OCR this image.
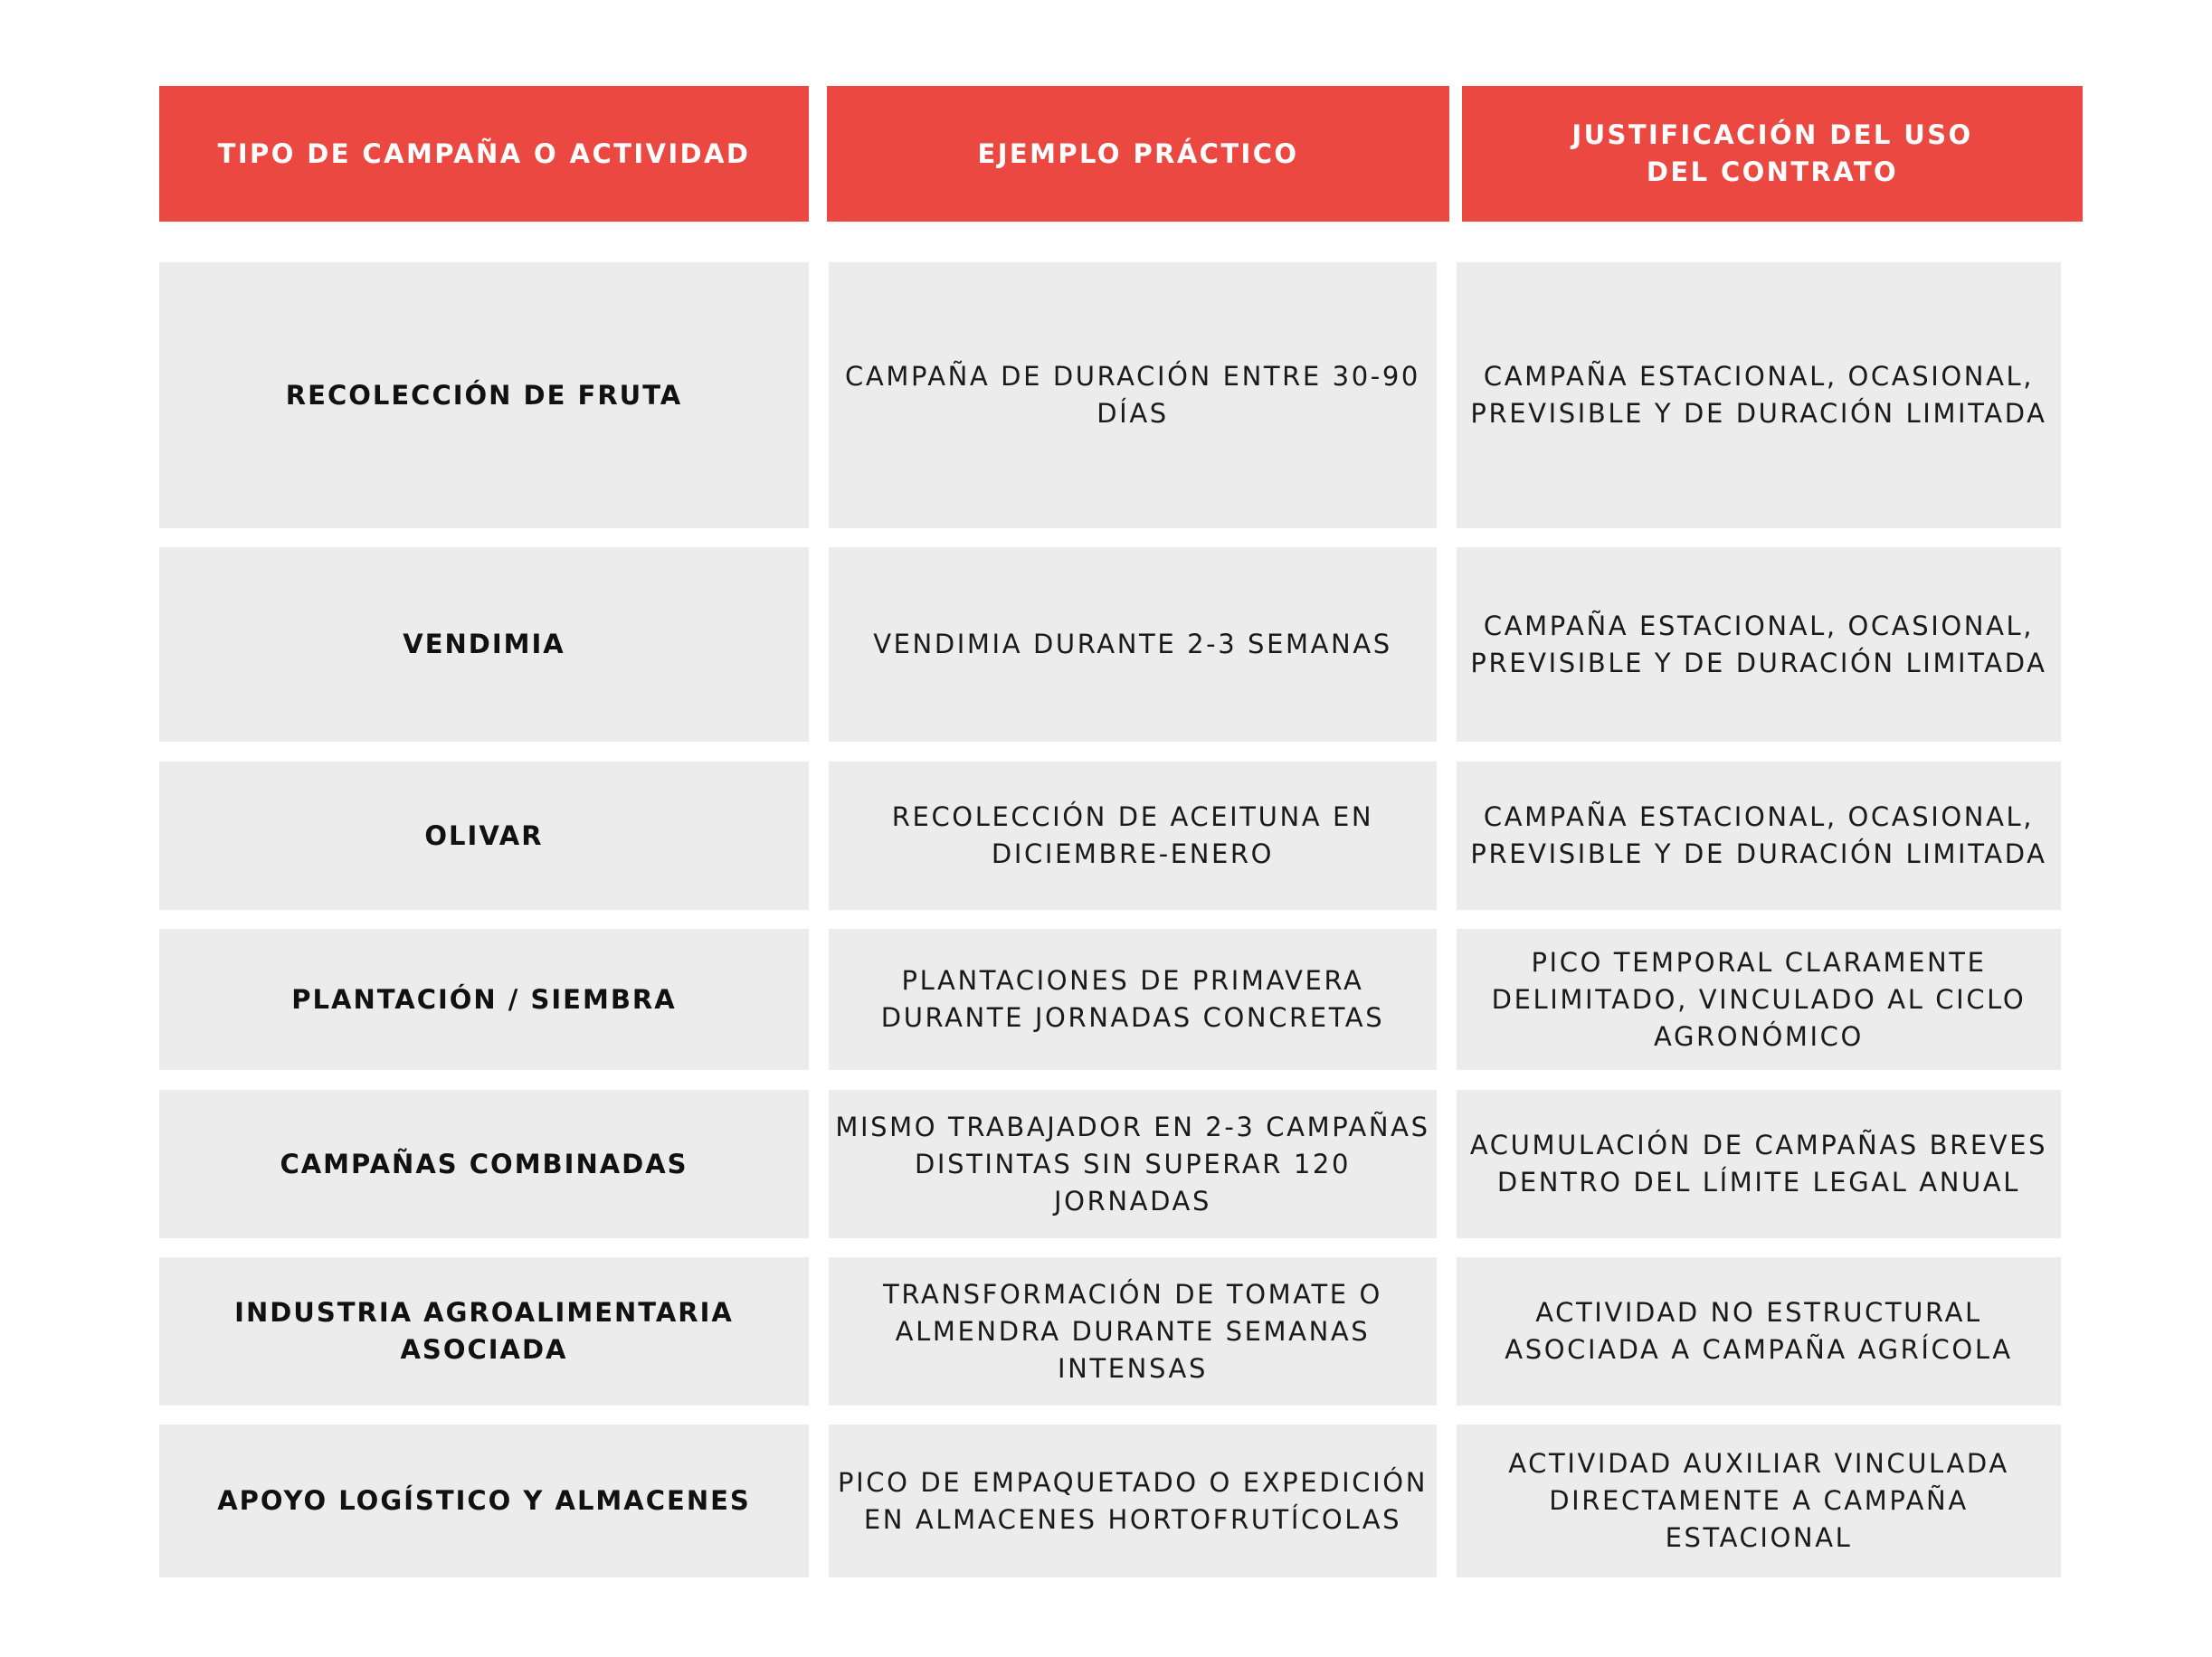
TIPO DE CAMPAÑA O ACTIVIDAD	EJEMPLO PRÁCTICO
JUSTIFICACIÓN DEL USO DEL CONTRATO
RECOLECCIÓN DE FRUTA
CAMPAÑA DE DURACIÓN ENTRE 30-90 DÍAS
CAMPAÑA ESTACIONAL, OCASIONAL, PREVISIBLE Y DE DURACIÓN LIMITADA
VENDIMIA	VENDIMIA DURANTE 2-3 SEMANAS
CAMPAÑA ESTACIONAL, OCASIONAL, PREVISIBLE Y DE DURACIÓN LIMITADA
OLIVAR
RECOLECCIÓN DE ACEITUNA EN DICIEMBRE-ENERO
CAMPAÑA ESTACIONAL, OCASIONAL, PREVISIBLE Y DE DURACIÓN LIMITADA
PLANTACIÓN / SIEMBRA
PLANTACIONES DE PRIMAVERA DURANTE JORNADAS CONCRETAS
PICO TEMPORAL CLARAMENTE DELIMITADO, VINCULADO AL CICLO AGRONÓMICO
CAMPAÑAS COMBINADAS
MISMO TRABAJADOR EN 2-3 CAMPAÑAS DISTINTAS SIN SUPERAR 120 JORNADAS
ACUMULACIÓN DE CAMPAÑAS BREVES DENTRO DEL LÍMITE LEGAL ANUAL
INDUSTRIA AGROALIMENTARIA ASOCIADA
TRANSFORMACIÓN DE TOMATE O ALMENDRA DURANTE SEMANAS INTENSAS
ACTIVIDAD NO ESTRUCTURAL ASOCIADA A CAMPAÑA AGRÍCOLA
APOYO LOGÍSTICO Y ALMACENES
PICO DE EMPAQUETADO O EXPEDICIÓN EN ALMACENES HORTOFRUTÍCOLAS
ACTIVIDAD AUXILIAR VINCULADA DIRECTAMENTE A CAMPAÑA ESTACIONAL
